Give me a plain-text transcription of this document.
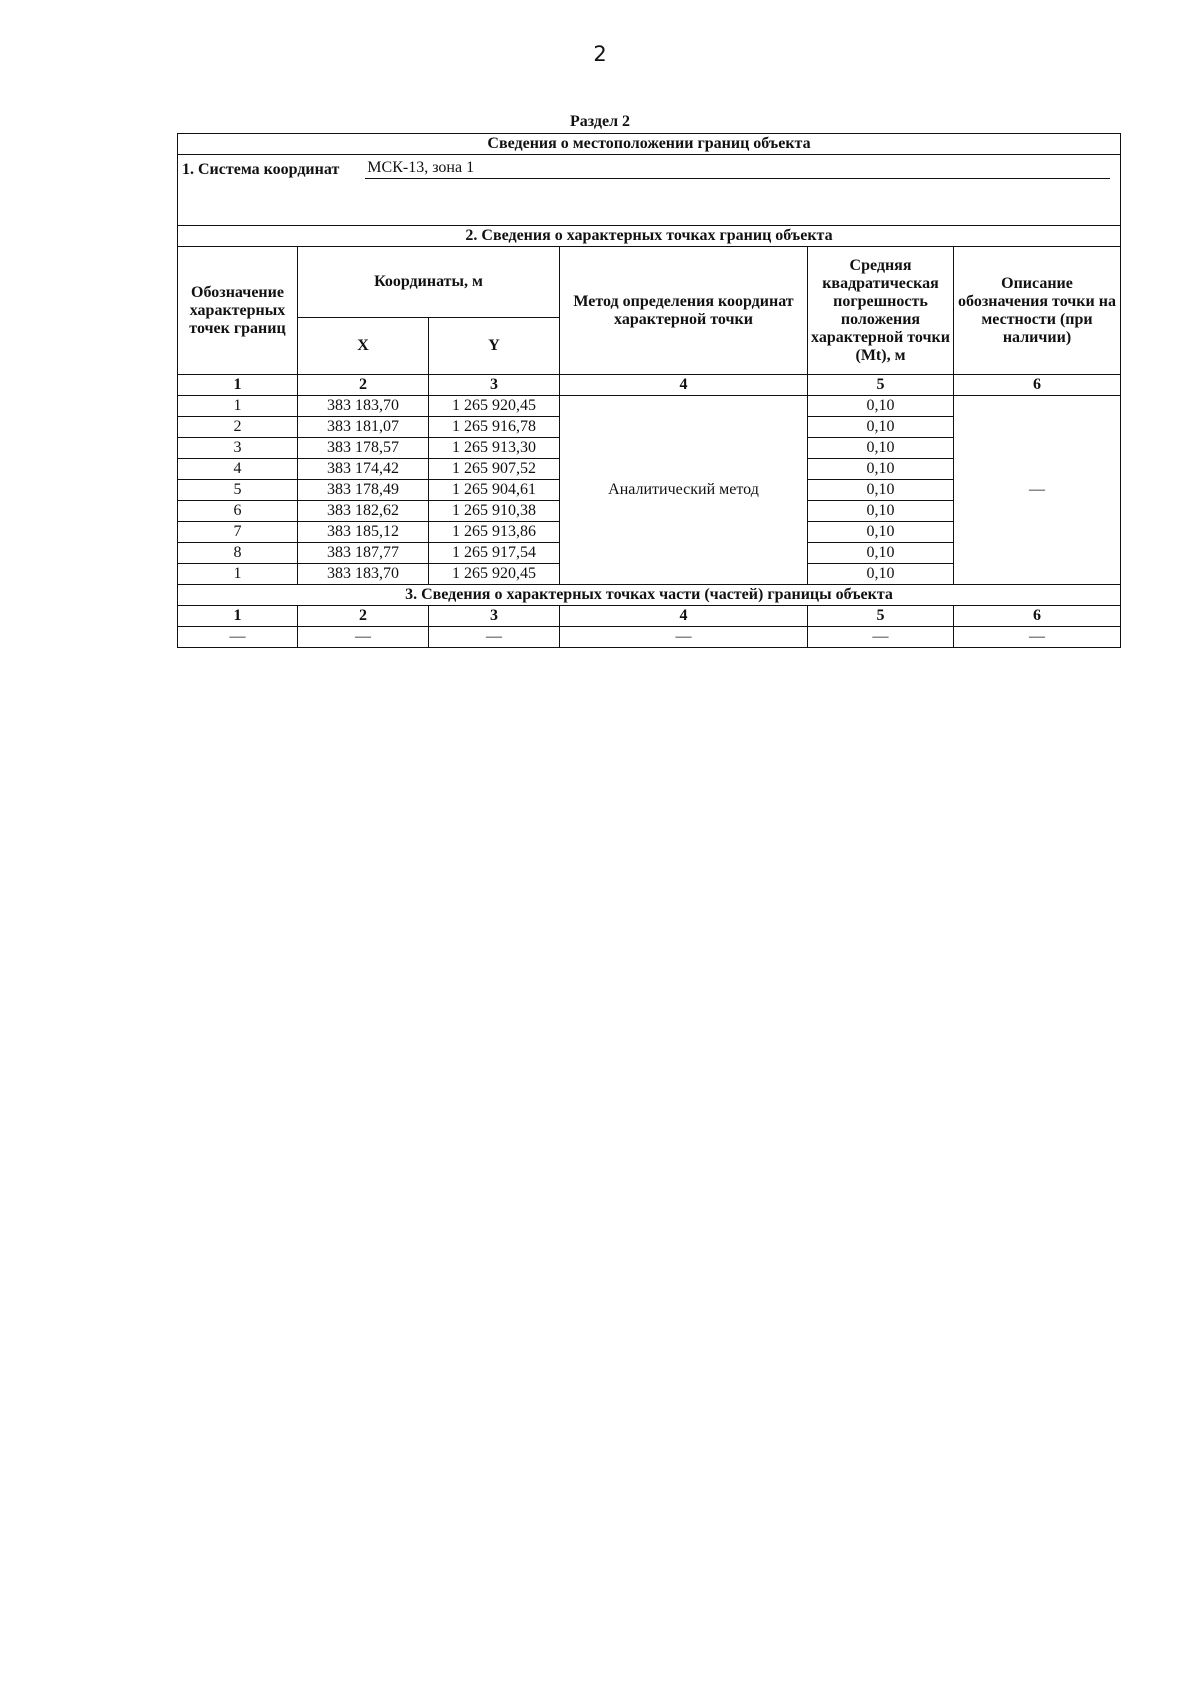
2
Раздел 2
Сведения о местоположении границ объекта					

1. Система координат МСК-13, зона 1					

2. Сведения о характерных точках границ объекта					
Обозначение характерных точек границ	Координаты, м		Метод определения координат характерной точки	Средняя квадратическая погрешность положения характерной точки (Mt), м	Описание обозначения точки на местности (при наличии)
	X	Y			
1	2	3	4	5	6
1	383 183,70	1 265 920,45	Аналитический метод	0,10	—
2	383 181,07	1 265 916,78		0,10	
3	383 178,57	1 265 913,30		0,10	
4	383 174,42	1 265 907,52		0,10	
5	383 178,49	1 265 904,61		0,10	
6	383 182,62	1 265 910,38		0,10	
7	383 185,12	1 265 913,86		0,10	
8	383 187,77	1 265 917,54		0,10	
1	383 183,70	1 265 920,45		0,10	
3. Сведения о характерных точках части (частей) границы объекта					
1	2	3	4	5	6
—	—	—	—	—	—
